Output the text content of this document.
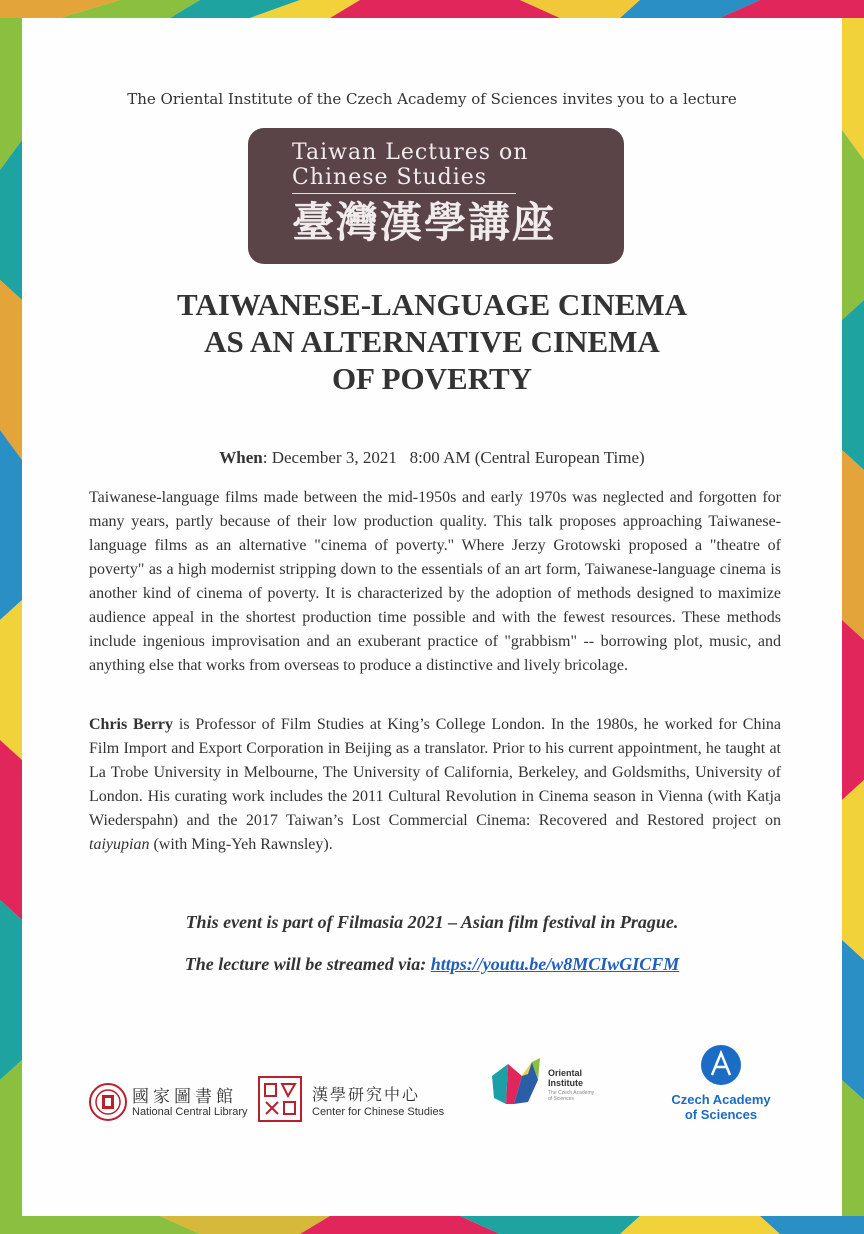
The Oriental Institute of the Czech Academy of Sciences invites you to a lecture
Taiwan Lectures on
Chinese Studies
臺灣漢學講座
TAIWANESE-LANGUAGE CINEMA
AS AN ALTERNATIVE CINEMA
OF POVERTY
When: December 3, 2021   8:00 AM (Central European Time)

Taiwanese-language films made between the mid-1950s and early 1970s was neglected and forgotten for many years, partly because of their low production quality. This talk proposes approaching Taiwanese-language films as an alternative "cinema of poverty." Where Jerzy Grotowski proposed a "theatre of poverty" as a high modernist stripping down to the essentials of an art form, Taiwanese-language cinema is another kind of cinema of poverty. It is characterized by the adoption of methods designed to maximize audience appeal in the shortest production time possible and with the fewest resources. These methods include ingenious improvisation and an exuberant practice of "grabbism" -- borrowing plot, music, and anything else that works from overseas to produce a distinctive and lively bricolage.

Chris Berry is Professor of Film Studies at King’s College London. In the 1980s, he worked for China Film Import and Export Corporation in Beijing as a translator. Prior to his current appointment, he taught at La Trobe University in Melbourne, The University of California, Berkeley, and Goldsmiths, University of London. His curating work includes the 2011 Cultural Revolution in Cinema season in Vienna (with Katja Wiederspahn) and the 2017 Taiwan’s Lost Commercial Cinema: Recovered and Restored project on taiyupian (with Ming-Yeh Rawnsley).

This event is part of Filmasia 2021 – Asian film festival in Prague.
The lecture will be streamed via: https://youtu.be/w8MCIwGICFM
國家圖書館
National Central Library
漢學研究中心
Center for Chinese Studies
Oriental
Institute
The Czech Academy
of Sciences	Czech Academy
of Sciences
